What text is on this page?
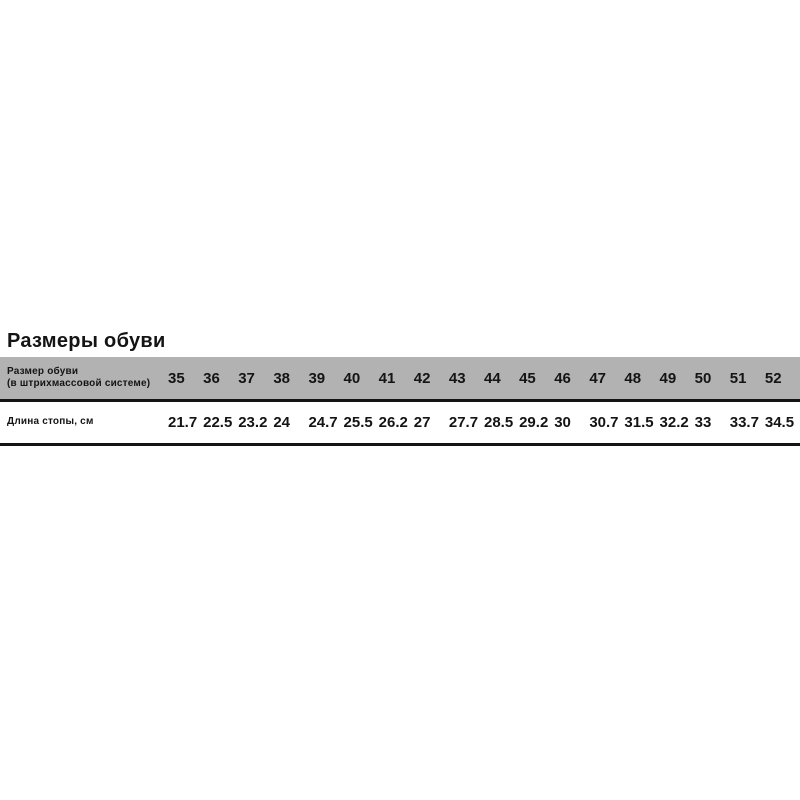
Размеры обуви
Размер обуви
(в штрихмассовой системе)	35	36	37	38	39	40	41	42	43	44	45	46	47	48	49	50	51	52
Длина стопы, см	21.7 22.5 23.2 24	24.7 25.5 26.2 27	27.7 28.5 29.2 30	30.7 31.5 32.2 33	33.7 34.5
